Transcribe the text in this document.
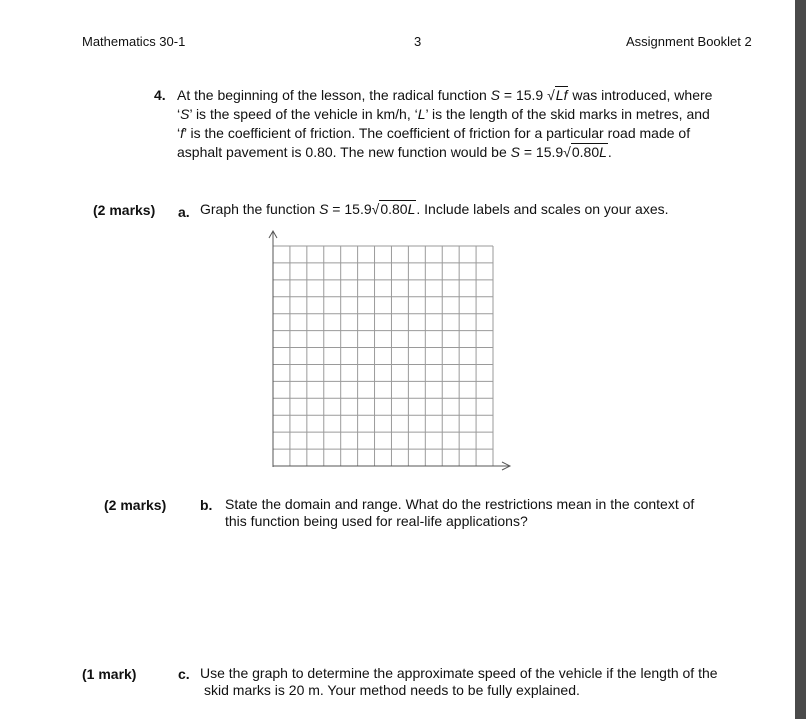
Mathematics 30-1	3	Assignment Booklet 2
4. At the beginning of the lesson, the radical function S = 15.9 √Lf was introduced, where
‘S’ is the speed of the vehicle in km/h, ‘L’ is the length of the skid marks in metres, and
‘f’ is the coefficient of friction. The coefficient of friction for a particular road made of
asphalt pavement is 0.80. The new function would be S = 15.9√0.80L.
(2 marks) a. Graph the function S = 15.9√0.80L. Include labels and scales on your axes.
(2 marks) b. State the domain and range. What do the restrictions mean in the context of
this function being used for real-life applications?
(1 mark)	c. Use the graph to determine the approximate speed of the vehicle if the length of the
skid marks is 20 m. Your method needs to be fully explained.
